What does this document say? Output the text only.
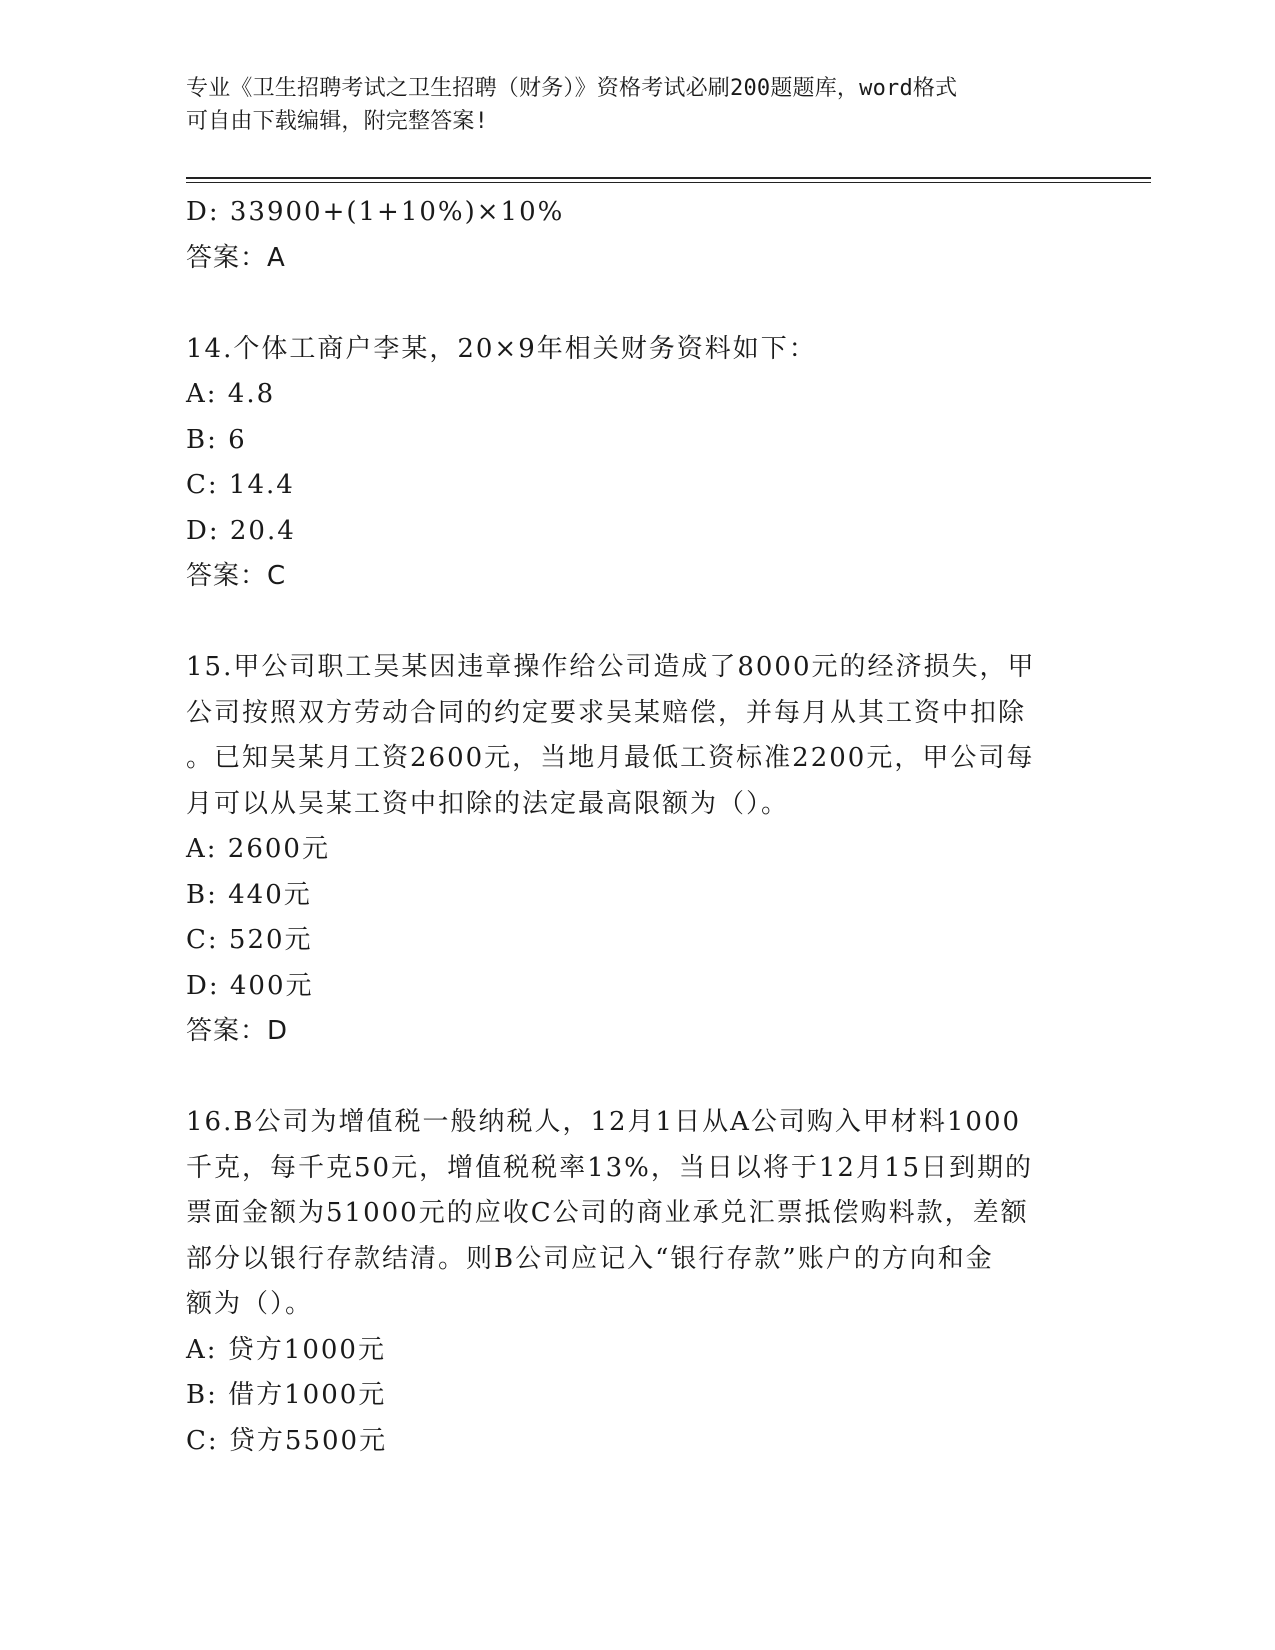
专业《卫生招聘考试之卫生招聘（财务）》资格考试必刷200题题库，word格式

可自由下载编辑，附完整答案!

D: 33900+(1+10%)×10%

答案：A

14.个体工商户李某，20×9年相关财务资料如下：

A: 4.8

B: 6

C: 14.4

D: 20.4

答案：C

15.甲公司职工吴某因违章操作给公司造成了8000元的经济损失，甲

公司按照双方劳动合同的约定要求吴某赔偿，并每月从其工资中扣除

。已知吴某月工资2600元，当地月最低工资标准2200元，甲公司每

月可以从吴某工资中扣除的法定最高限额为（）。

A: 2600元

B: 440元

C: 520元

D: 400元

答案：D

16.B公司为增值税一般纳税人，12月1日从A公司购入甲材料1000

千克，每千克50元，增值税税率13%，当日以将于12月15日到期的

票面金额为51000元的应收C公司的商业承兑汇票抵偿购料款，差额

部分以银行存款结清。则B公司应记入“银行存款”账户的方向和金

额为（）。

A: 贷方1000元

B: 借方1000元

C: 贷方5500元
